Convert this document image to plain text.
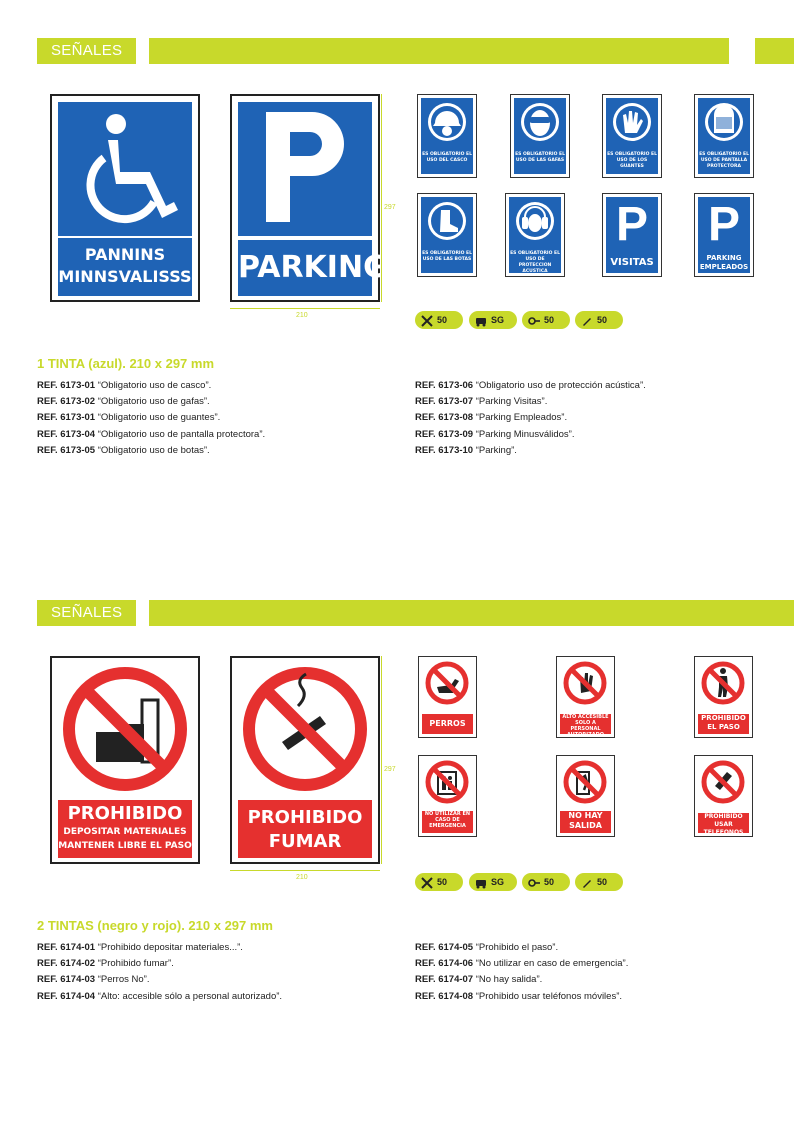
SEÑALES	10
PANNINS
MINNSVALISSS PARKING
210
297
ES OBLIGATORIO EL USO DEL CASCO
ES OBLIGATORIO EL USO DE LAS GAFAS
ES OBLIGATORIO EL USO DE LOS GUANTES
ES OBLIGATORIO EL USO DE PANTALLA PROTECTORA
ES OBLIGATORIO EL USO DE LAS BOTAS
ES OBLIGATORIO EL USO DE PROTECCION ACUSTICA
P
VISITAS
P
PARKING EMPLEADOS
50	SG	50	50
1 TINTA (azul). 210 x 297 mm
REF. 6173-01 “Obligatorio uso de casco”.
REF. 6173-02 “Obligatorio uso de gafas”.
REF. 6173-01 “Obligatorio uso de guantes”.
REF. 6173-04 “Obligatorio uso de pantalla protectora”.
REF. 6173-05 “Obligatorio uso de botas”.
REF. 6173-06 “Obligatorio uso de protección acústica”.
REF. 6173-07 “Parking Visitas”.
REF. 6173-08 “Parking Empleados”.
REF. 6173-09 “Parking Minusválidos”.
REF. 6173-10 “Parking”.
SEÑALES
PROHIBIDO
DEPOSITAR MATERIALES
MANTENER LIBRE EL PASO
PROHIBIDO
FUMAR
210
297
PERROS NO
ALTO ACCESIBLE SOLO A PERSONAL AUTORIZADO
PROHIBIDO EL PASO
NO UTILIZAR EN CASO DE EMERGENCIA
NO HAY SALIDA
PROHIBIDO USAR TELEFONOS MOVILES
50	SG	50	50
2 TINTAS (negro y rojo). 210 x 297 mm
REF. 6174-01 “Prohibido depositar materiales...”.
REF. 6174-02 “Prohibido fumar”.
REF. 6174-03 “Perros No”.
REF. 6174-04 “Alto: accesible sólo a personal autorizado”.
REF. 6174-05 “Prohibido el paso”.
REF. 6174-06 “No utilizar en caso de emergencia”.
REF. 6174-07 “No hay salida”.
REF. 6174-08 “Prohibido usar teléfonos móviles”.
